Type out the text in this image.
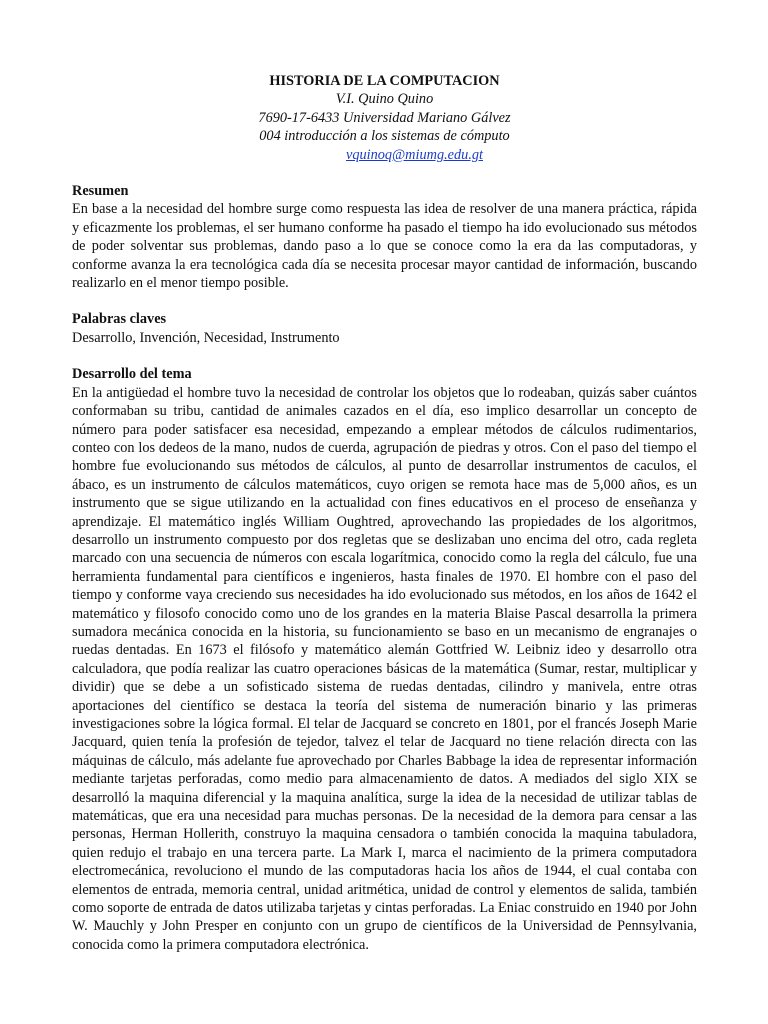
HISTORIA DE LA COMPUTACION
V.I. Quino Quino
7690-17-6433 Universidad Mariano Gálvez
004 introducción a los sistemas de cómputo
vquinoq@miumg.edu.gt
Resumen

En base a la necesidad del hombre surge como respuesta las idea de resolver de una manera práctica, rápida y eficazmente los problemas, el ser humano conforme ha pasado el tiempo ha ido evolucionado sus métodos de poder solventar sus problemas, dando paso a lo que se conoce como la era da las computadoras, y conforme avanza la era tecnológica cada día se necesita procesar mayor cantidad de información, buscando realizarlo en el menor tiempo posible.

Palabras claves

Desarrollo, Invención, Necesidad, Instrumento

Desarrollo del tema

En la antigüedad el hombre tuvo la necesidad de controlar los objetos que lo rodeaban, quizás saber cuántos conformaban su tribu, cantidad de animales cazados en el día, eso implico desarrollar un concepto de número para poder satisfacer esa necesidad, empezando a emplear métodos de cálculos rudimentarios, conteo con los dedeos de la mano, nudos de cuerda, agrupación de piedras y otros. Con el paso del tiempo el hombre fue evolucionando sus métodos de cálculos, al punto de desarrollar instrumentos de caculos, el ábaco, es un instrumento de cálculos matemáticos, cuyo origen se remota hace mas de 5,000 años, es un instrumento que se sigue utilizando en la actualidad con fines educativos en el proceso de enseñanza y aprendizaje. El matemático inglés William Oughtred, aprovechando las propiedades de los algoritmos, desarrollo un instrumento compuesto por dos regletas que se deslizaban uno encima del otro, cada regleta marcado con una secuencia de números con escala logarítmica, conocido como la regla del cálculo, fue una herramienta fundamental para científicos e ingenieros, hasta finales de 1970. El hombre con el paso del tiempo y conforme vaya creciendo sus necesidades ha ido evolucionado sus métodos, en los años de 1642 el matemático y filosofo conocido como uno de los grandes en la materia Blaise Pascal desarrolla la primera sumadora mecánica conocida en la historia, su funcionamiento se baso en un mecanismo de engranajes o ruedas dentadas. En 1673 el filósofo y matemático alemán Gottfried W. Leibniz ideo y desarrollo otra calculadora, que podía realizar las cuatro operaciones básicas de la matemática (Sumar, restar, multiplicar y dividir) que se debe a un sofisticado sistema de ruedas dentadas, cilindro y manivela, entre otras aportaciones del científico se destaca la teoría del sistema de numeración binario y las primeras investigaciones sobre la lógica formal. El telar de Jacquard se concreto en 1801, por el francés Joseph Marie Jacquard, quien tenía la profesión de tejedor, talvez el telar de Jacquard no tiene relación directa con las máquinas de cálculo, más adelante fue aprovechado por Charles Babbage la idea de representar información mediante tarjetas perforadas, como medio para almacenamiento de datos. A mediados del siglo XIX se desarrolló la maquina diferencial y la maquina analítica, surge la idea de la necesidad de utilizar tablas de matemáticas, que era una necesidad para muchas personas. De la necesidad de la demora para censar a las personas, Herman Hollerith, construyo la maquina censadora o también conocida la maquina tabuladora, quien redujo el trabajo en una tercera parte. La Mark I, marca el nacimiento de la primera computadora electromecánica, revoluciono el mundo de las computadoras hacia los años de 1944, el cual contaba con elementos de entrada, memoria central, unidad aritmética, unidad de control y elementos de salida, también como soporte de entrada de datos utilizaba tarjetas y cintas perforadas. La Eniac construido en 1940 por John W. Mauchly y John Presper en conjunto con un grupo de científicos de la Universidad de Pennsylvania, conocida como la primera computadora electrónica.
